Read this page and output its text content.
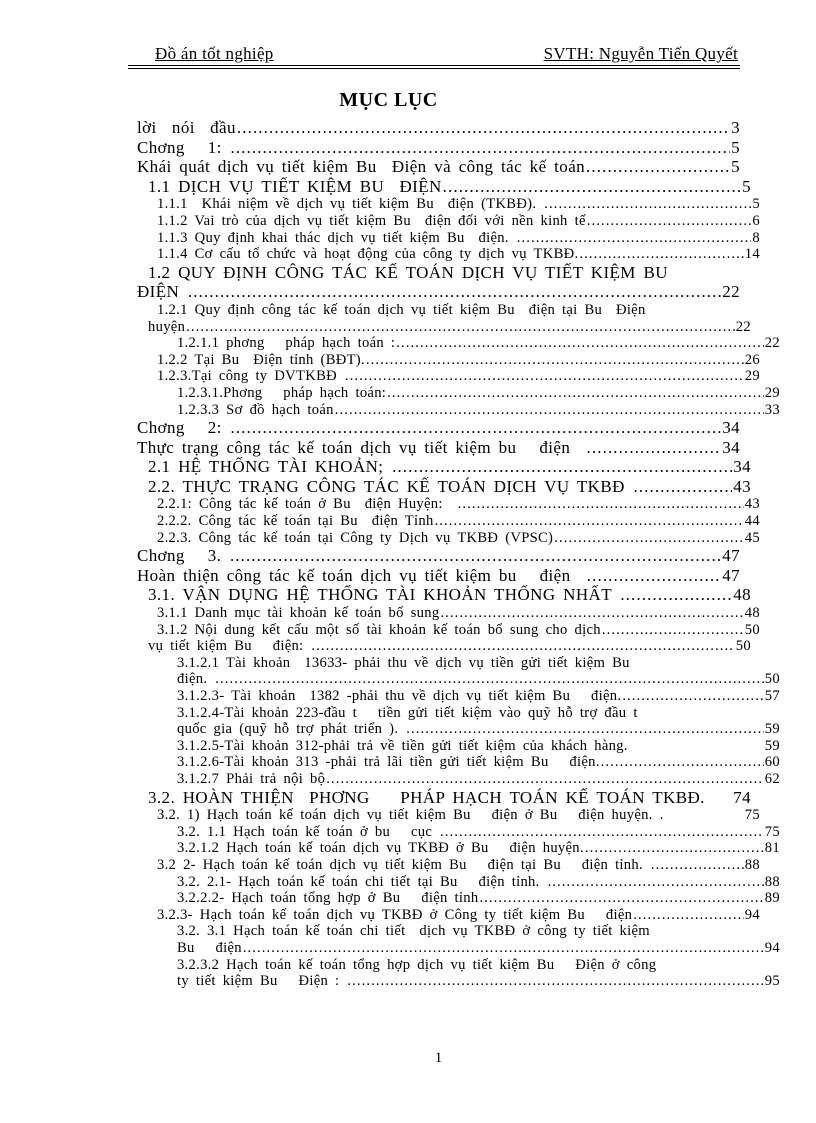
Đồ án tốt nghiệp	SVTH: Nguyễn Tiến Quyết
MỤC LỤC
lời  nói  đầu .....	3
Chơng   1: .....	5
Khái quát dịch vụ tiết kiệm Bu  Điện và công tác kế toán .....	5
1.1 DỊCH VỤ TIẾT KIỆM BU  ĐIỆN .....	5
1.1.1  Khái niệm về dịch vụ tiết kiệm Bu  điện (TKBĐ). .....	5
1.1.2 Vai trò của dịch vụ tiết kiệm Bu  điện đối với nền kinh tế .....	6
1.1.3 Quy định khai thác dịch vụ tiết kiệm Bu  điện. .....	8
1.1.4 Cơ cấu tổ chức và hoạt động của công ty dịch vụ TKBĐ. .....	14
1.2 QUY ĐỊNH CÔNG TÁC KẾ TOÁN DỊCH VỤ TIẾT KIỆM BU
ĐIỆN .....	22
1.2.1 Quy định công tác kế toán dịch vụ tiết kiệm Bu  điện tại Bu  Điện
huyện .....	22
1.2.1.1 phơng   pháp hạch toán : .....	22
1.2.2 Tại Bu  Điện tỉnh (BĐT). .....	26
1.2.3.Tại công ty DVTKBĐ .....	29
1.2.3.1.Phơng   pháp hạch toán: .....	29
1.2.3.3 Sơ đồ hạch toán .....	33
Chơng   2: .....	34
Thực trạng công tác kế toán dịch vụ tiết kiệm bu   điện .....	34
2.1 HỆ THỐNG TÀI KHOẢN; .....	34
2.2. THỰC TRẠNG CÔNG TÁC KẾ TOÁN DỊCH VỤ TKBĐ .....	43
2.2.1: Công tác kế toán ở Bu  điện Huyện: .....	43
2.2.2. Công tác kế toán tại Bu  điện Tỉnh .....	44
2.2.3. Công tác kế toán tại Công ty Dịch vụ TKBĐ (VPSC) .....	45
Chơng   3. .....	47
Hoàn thiện công tác kế toán dịch vụ tiết kiệm bu   điện .....	47
3.1. VẬN DỤNG HỆ THỐNG TÀI KHOẢN THỐNG NHẤT .....	48
3.1.1 Danh mục tài khoản kế toán bổ sung .....	48
3.1.2 Nội dung kết cấu một số tài khoản kế toán bổ sung cho dịch .....	50
vụ tiết kiệm Bu   điện: .....	50
3.1.2.1 Tài khoản  13633- phải thu về dịch vụ tiền gửi tiết kiệm Bu
điện. .....	50
3.1.2.3- Tài khoản  1382 -phải thu về dịch vụ tiết kiệm Bu   điện. .....	57
3.1.2.4-Tài khoản 223-đầu t   tiền gửi tiết kiệm vào quỹ hỗ trợ đầu t
quốc gia (quỹ hỗ trợ phát triển ). .....	59
3.1.2.5-Tài khoản 312-phải trả về tiền gửi tiết kiệm của khách hàng.	59
3.1.2.6-Tài khoản 313 -phải trả lãi tiền gửi tiết kiệm Bu   điện. .....	60
3.1.2.7 Phải trả nội bộ .....	62
3.2. HOÀN THIỆN  PHƠNG    PHÁP HẠCH TOÁN KẾ TOÁN TKBĐ. 74
3.2. 1) Hạch toán kế toán dịch vụ tiết kiệm Bu   điện ở Bu   điện huyện. .	75
3.2. 1.1 Hạch toán kế toán ở bu   cục .....	75
3.2.1.2 Hạch toán kế toán dịch vụ TKBĐ ở Bu   điện huyện. .....	81
3.2 2- Hạch toán kế toán dịch vụ tiết kiệm Bu   điện tại Bu   điện tỉnh. .....	88
3.2. 2.1- Hạch toán kế toán chi tiết tại Bu   điện tỉnh. .....	88
3.2.2.2- Hạch toán tổng hợp ở Bu   điện tỉnh .....	89
3.2.3- Hạch toán kế toán dịch vụ TKBĐ ở Công ty tiết kiệm Bu   điện .....	94
3.2. 3.1 Hạch toán kế toán chi tiết  dịch vụ TKBĐ ở công ty tiết kiệm
Bu   điện .....	94
3.2.3.2 Hạch toán kế toán tổng hợp dịch vụ tiết kiệm Bu   Điện ở công
ty tiết kiệm Bu   Điện : .....	95
1
